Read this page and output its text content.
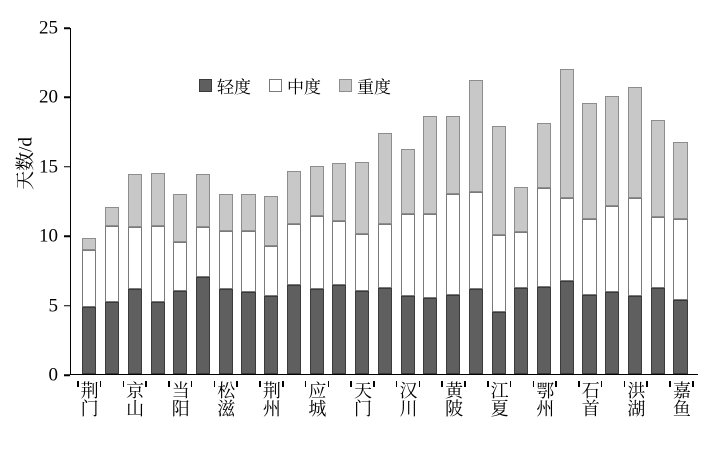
天数/d
0
5
10
15
20
25
轻度 中度 重度
荆门 京山 当阳 松滋 荆州 应城 天门 汉川 黄陂 江夏 鄂州 石首 洪湖 嘉鱼
